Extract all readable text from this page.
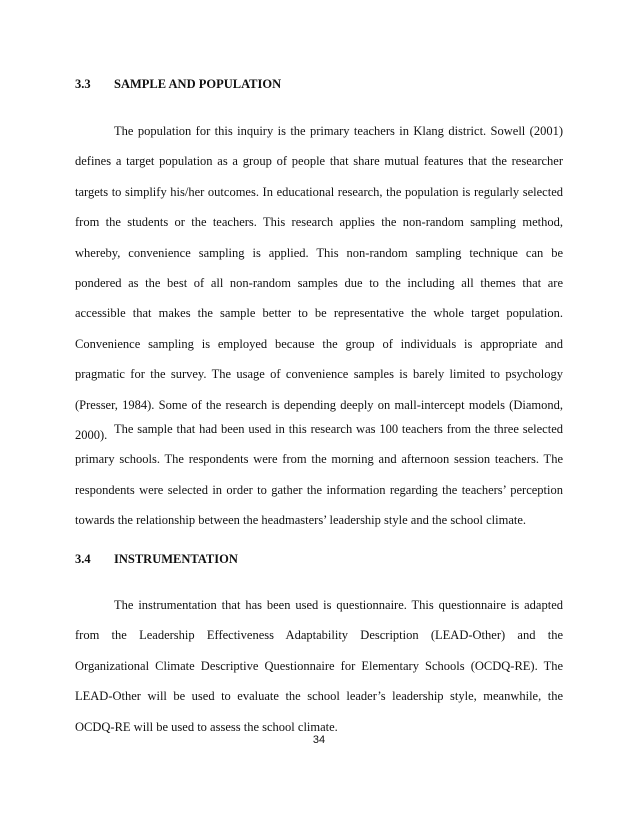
3.3 SAMPLE AND POPULATION

The population for this inquiry is the primary teachers in Klang district. Sowell (2001) defines a target population as a group of people that share mutual features that the researcher targets to simplify his/her outcomes. In educational research, the population is regularly selected from the students or the teachers. This research applies the non-random sampling method, whereby, convenience sampling is applied. This non-random sampling technique can be pondered as the best of all non-random samples due to the including all themes that are accessible that makes the sample better to be representative the whole target population. Convenience sampling is employed because the group of individuals is appropriate and pragmatic for the survey. The usage of convenience samples is barely limited to psychology (Presser, 1984). Some of the research is depending deeply on mall-intercept models (Diamond, 2000). The sample that had been used in this research was 100 teachers from the three selected primary schools. The respondents were from the morning and afternoon session teachers. The respondents were selected in order to gather the information regarding the teachers’ perception towards the relationship between the headmasters’ leadership style and the school climate.

3.4 INSTRUMENTATION

The instrumentation that has been used is questionnaire. This questionnaire is adapted from the Leadership Effectiveness Adaptability Description (LEAD-Other) and the Organizational Climate Descriptive Questionnaire for Elementary Schools (OCDQ-RE). The LEAD-Other will be used to evaluate the school leader’s leadership style, meanwhile, the OCDQ-RE will be used to assess the school climate.

34
